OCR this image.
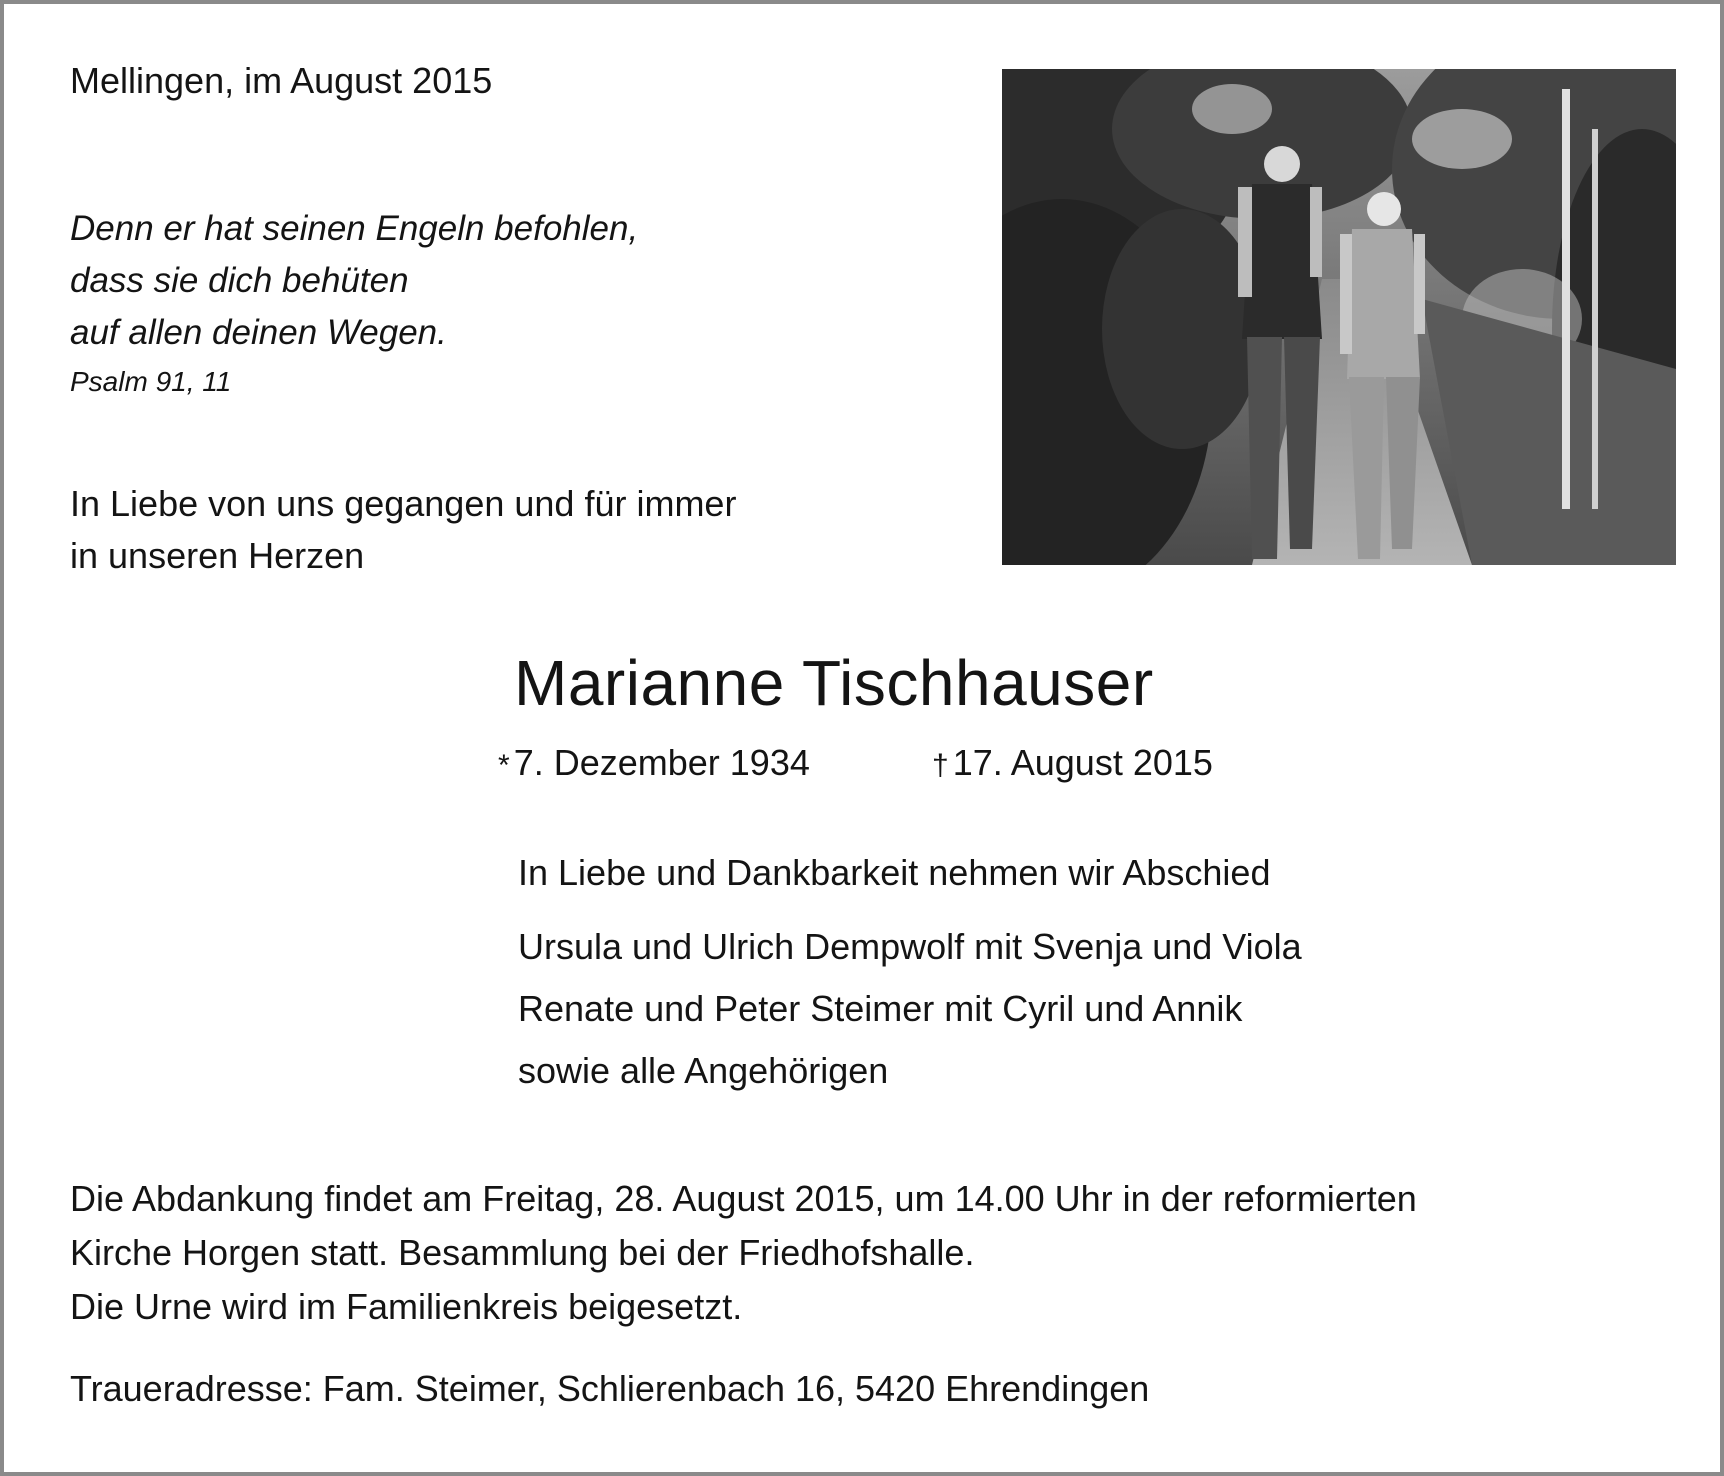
Mellingen, im August 2015
Denn er hat seinen Engeln befohlen,
dass sie dich behüten
auf allen deinen Wegen.
Psalm 91, 11
In Liebe von uns gegangen und für immer
in unseren Herzen
Marianne Tischhauser
* 7. Dezember 1934	† 17. August 2015
In Liebe und Dankbarkeit nehmen wir Abschied
Ursula und Ulrich Dempwolf mit Svenja und Viola
Renate und Peter Steimer mit Cyril und Annik
sowie alle Angehörigen
Die Abdankung findet am Freitag, 28. August 2015, um 14.00 Uhr in der reformierten
Kirche Horgen statt. Besammlung bei der Friedhofshalle.
Die Urne wird im Familienkreis beigesetzt.
Traueradresse: Fam. Steimer, Schlierenbach 16, 5420 Ehrendingen
